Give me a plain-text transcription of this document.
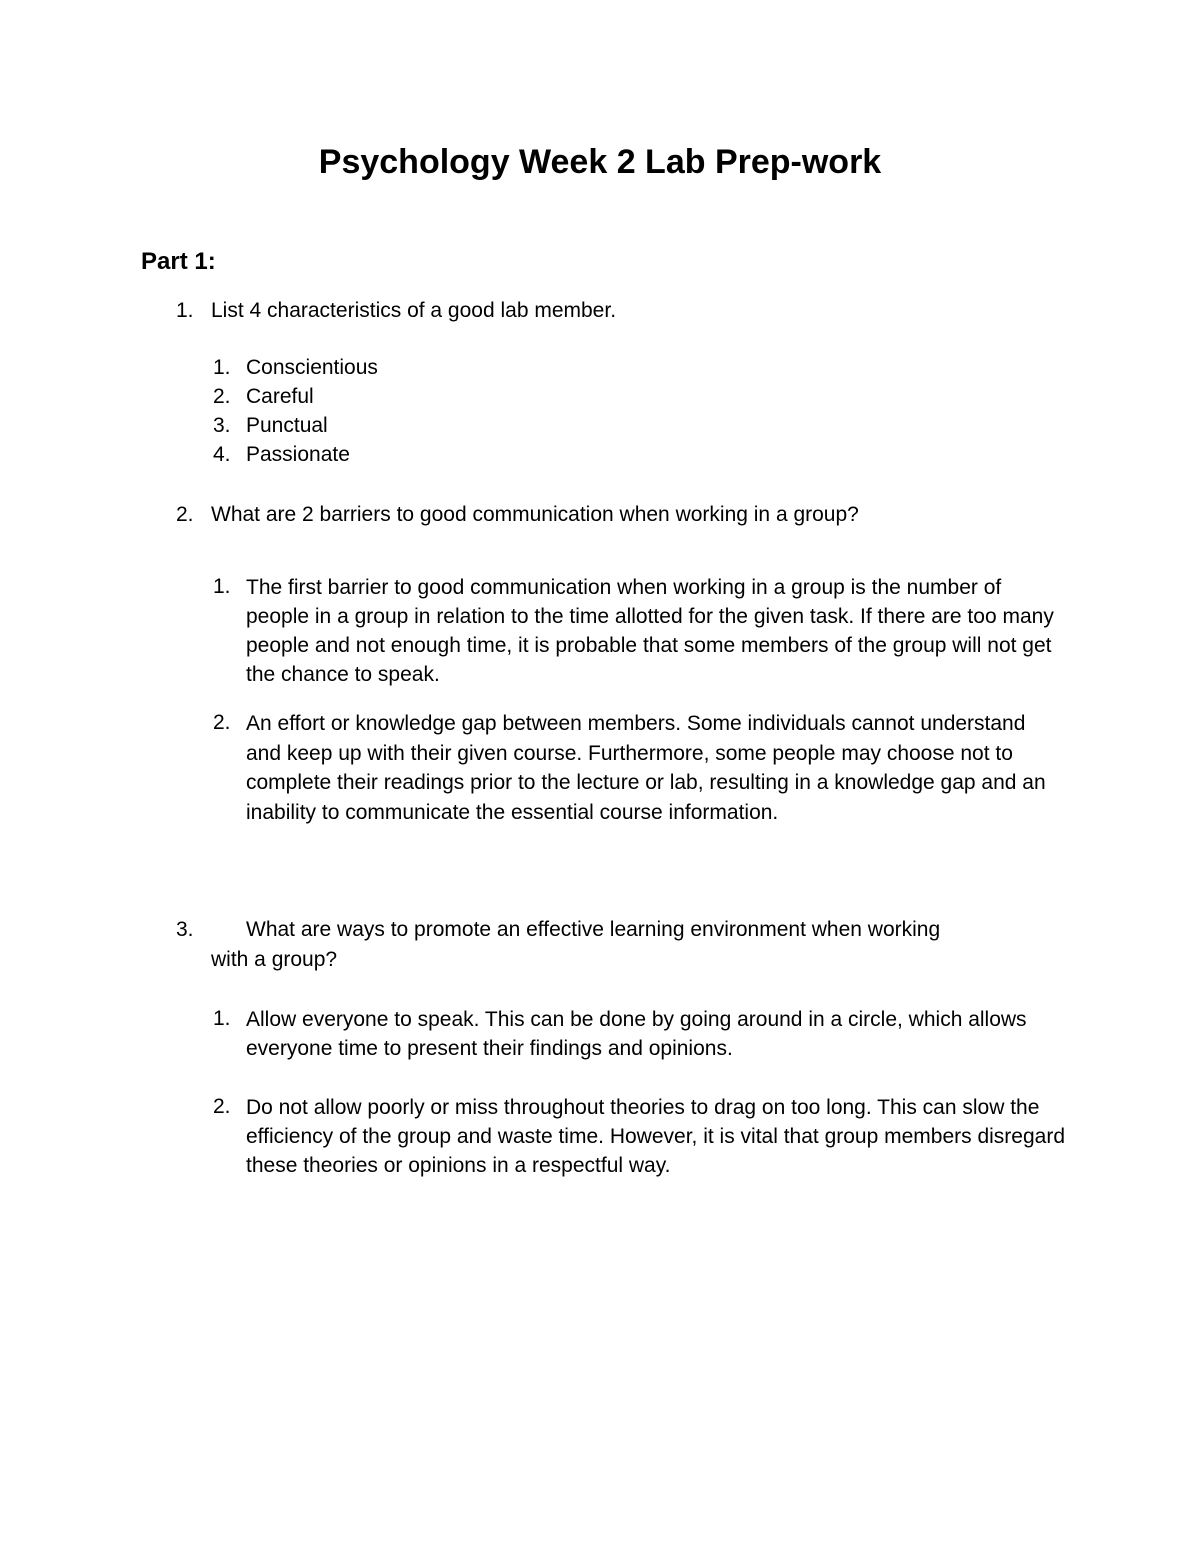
Psychology Week 2 Lab Prep-work
Part 1:
1. List 4 characteristics of a good lab member.
1. Conscientious
2. Careful
3. Punctual
4. Passionate
2. What are 2 barriers to good communication when working in a group?
1. The first barrier to good communication when working in a group is the number of people in a group in relation to the time allotted for the given task. If there are too many people and not enough time, it is probable that some members of the group will not get the chance to speak.

2. An effort or knowledge gap between members. Some individuals cannot understand and keep up with their given course. Furthermore, some people may choose not to complete their readings prior to the lecture or lab, resulting in a knowledge gap and an inability to communicate the essential course information.

3. What are ways to promote an effective learning environment when working
with a group?
1. Allow everyone to speak. This can be done by going around in a circle, which allows everyone time to present their findings and opinions.

2. Do not allow poorly or miss throughout theories to drag on too long. This can slow the efficiency of the group and waste time. However, it is vital that group members disregard these theories or opinions in a respectful way.
